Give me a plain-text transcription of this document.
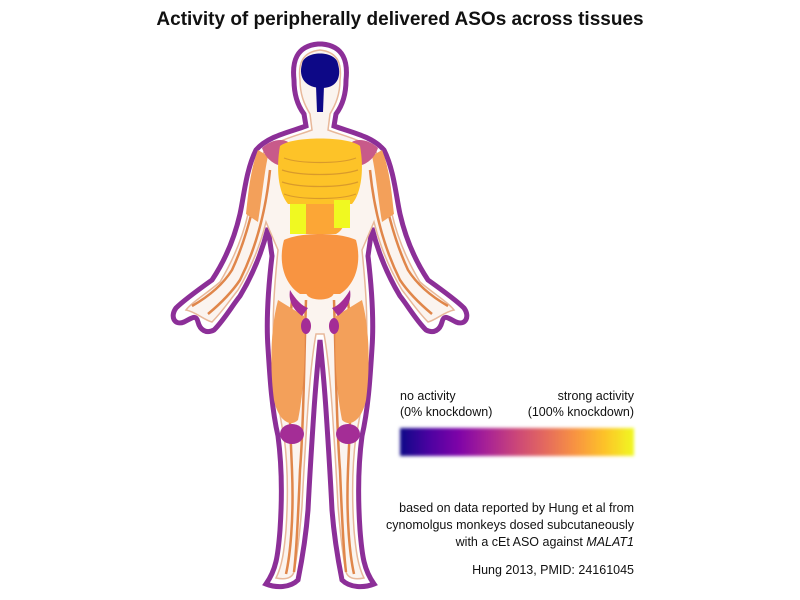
Activity of peripherally delivered ASOs across tissues
no activity
(0% knockdown)
strong activity
(100% knockdown)
based on data reported by Hung et al from
cynomolgus monkeys dosed subcutaneously
with a cEt ASO against MALAT1
Hung 2013, PMID: 24161045
